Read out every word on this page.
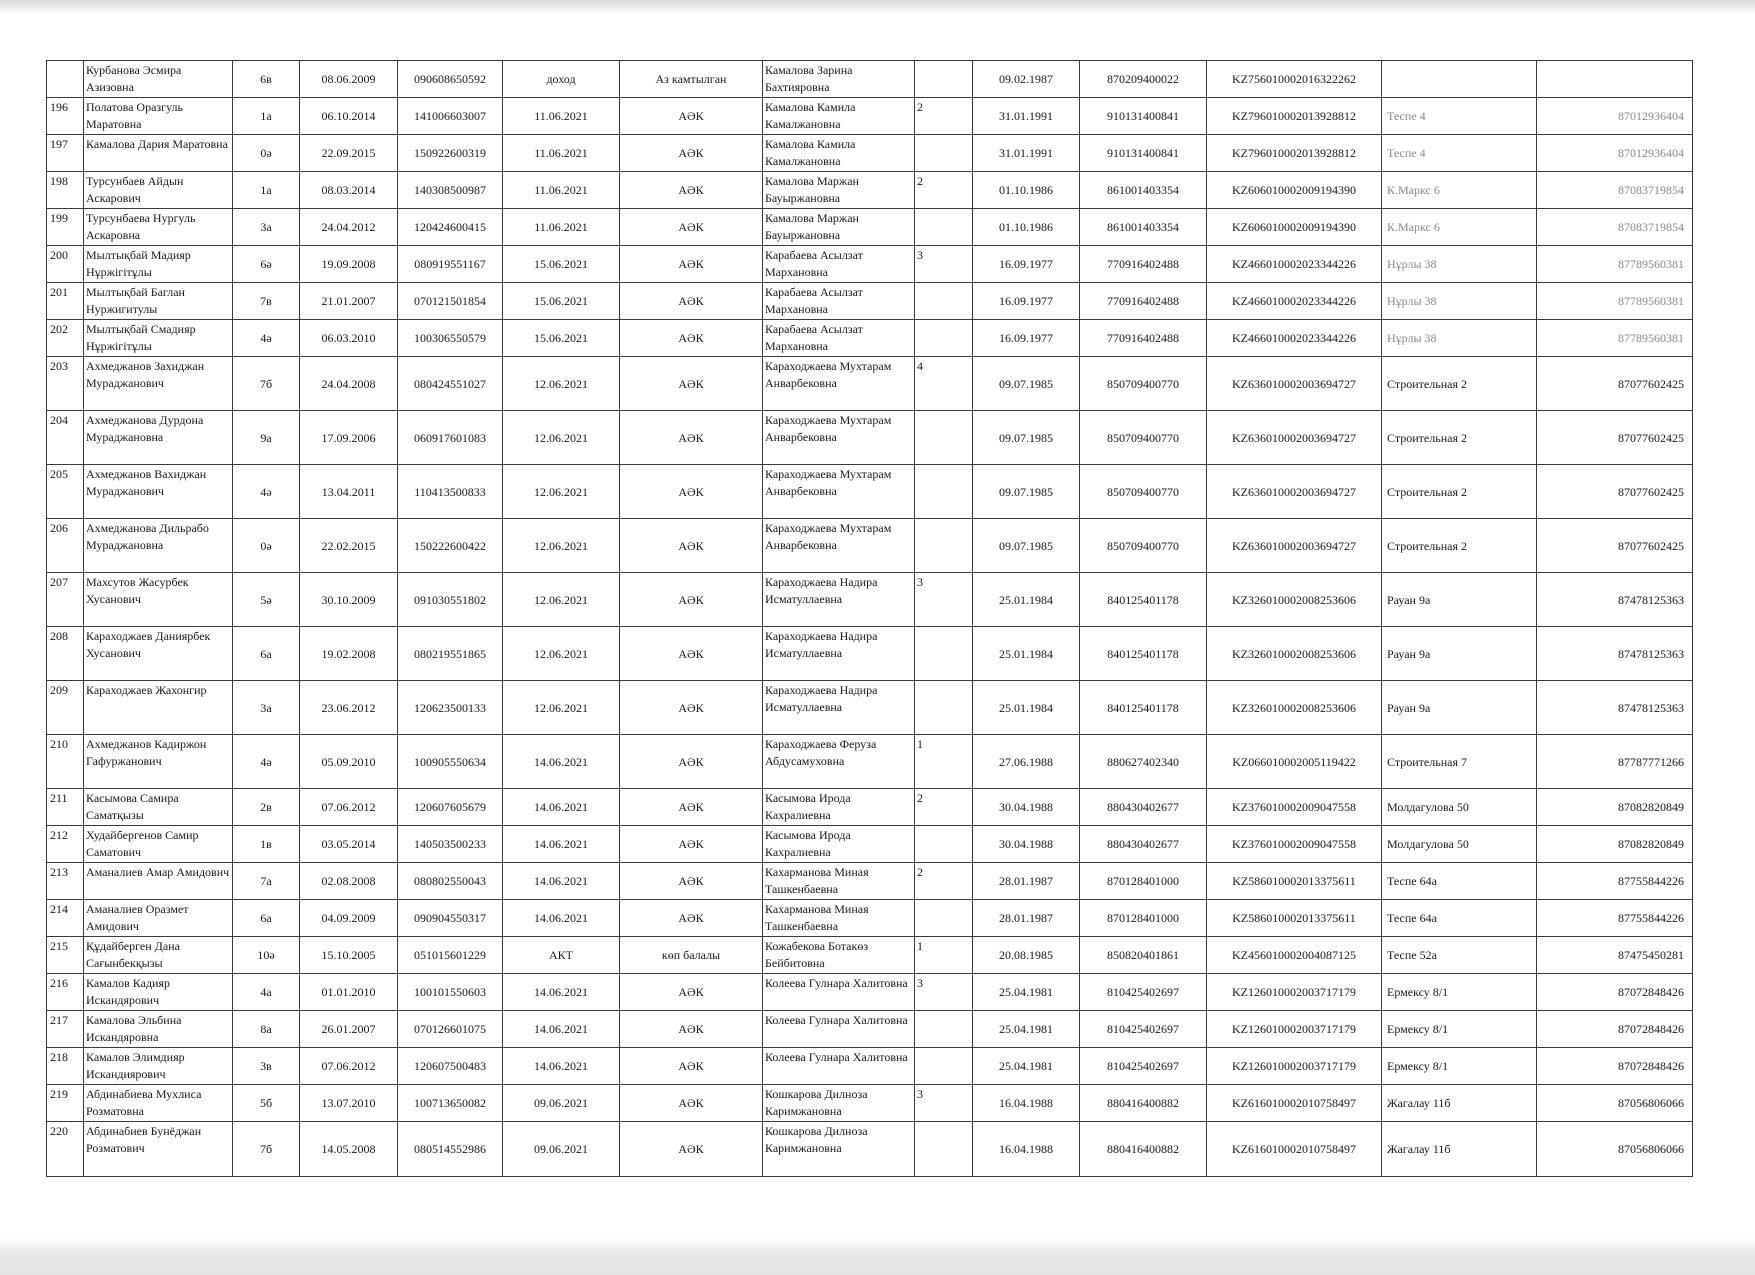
	Курбанова Эсмира Азизовна	6в	08.06.2009	090608650592	доход	Аз камтылган	Камалова Зарина Бахтияровна		09.02.1987	870209400022	KZ756010002016322262		
196	Полатова Оразгуль Маратовна	1а	06.10.2014	141006603007	11.06.2021	АӘК	Камалова Камила Камалжановна	2	31.01.1991	910131400841	KZ796010002013928812	Теспе 4	87012936404
197	Камалова Дария Маратовна	0ә	22.09.2015	150922600319	11.06.2021	АӘК	Камалова Камила Камалжановна		31.01.1991	910131400841	KZ796010002013928812	Теспе 4	87012936404
198	Турсунбаев Айдын Аскарович	1а	08.03.2014	140308500987	11.06.2021	АӘК	Камалова Маржан Бауыржановна	2	01.10.1986	861001403354	KZ606010002009194390	К.Маркс 6	87083719854
199	Турсунбаева Нургуль Аскаровна	3а	24.04.2012	120424600415	11.06.2021	АӘК	Камалова Маржан Бауыржановна		01.10.1986	861001403354	KZ606010002009194390	К.Маркс 6	87083719854
200	Мылтықбай Мадияр Нұржігітұлы	6ә	19.09.2008	080919551167	15.06.2021	АӘК	Карабаева Асылзат Мархановна	3	16.09.1977	770916402488	KZ466010002023344226	Нұрлы 38	87789560381
201	Мылтықбай Баглан Нуржигитулы	7в	21.01.2007	070121501854	15.06.2021	АӘК	Карабаева Асылзат Мархановна		16.09.1977	770916402488	KZ466010002023344226	Нұрлы 38	87789560381
202	Мылтықбай Смадияр Нұржігітұлы	4ә	06.03.2010	100306550579	15.06.2021	АӘК	Карабаева Асылзат Мархановна		16.09.1977	770916402488	KZ466010002023344226	Нұрлы 38	87789560381
203	Ахмеджанов Захиджан Мураджанович	7б	24.04.2008	080424551027	12.06.2021	АӘК	Караходжаева Мухтарам Анварбековна	4	09.07.1985	850709400770	KZ636010002003694727	Строительная 2	87077602425
204	Ахмеджанова Дурдона Мураджановна	9а	17.09.2006	060917601083	12.06.2021	АӘК	Караходжаева Мухтарам Анварбековна		09.07.1985	850709400770	KZ636010002003694727	Строительная 2	87077602425
205	Ахмеджанов Вахиджан Мураджанович	4ә	13.04.2011	110413500833	12.06.2021	АӘК	Караходжаева Мухтарам Анварбековна		09.07.1985	850709400770	KZ636010002003694727	Строительная 2	87077602425
206	Ахмеджанова Дильрабо Мураджановна	0ә	22.02.2015	150222600422	12.06.2021	АӘК	Караходжаева Мухтарам Анварбековна		09.07.1985	850709400770	KZ636010002003694727	Строительная 2	87077602425
207	Махсутов Жасурбек Хусанович	5ә	30.10.2009	091030551802	12.06.2021	АӘК	Караходжаева Надира Исматуллаевна	3	25.01.1984	840125401178	KZ326010002008253606	Рауан 9а	87478125363
208	Караходжаев Даниярбек Хусанович	6а	19.02.2008	080219551865	12.06.2021	АӘК	Караходжаева Надира Исматуллаевна		25.01.1984	840125401178	KZ326010002008253606	Рауан 9а	87478125363
209	Караходжаев Жахонгир	3а	23.06.2012	120623500133	12.06.2021	АӘК	Караходжаева Надира Исматуллаевна		25.01.1984	840125401178	KZ326010002008253606	Рауан 9а	87478125363
210	Ахмеджанов Кадиржон Гафуржанович	4ә	05.09.2010	100905550634	14.06.2021	АӘК	Караходжаева Феруза Абдусамуховна	1	27.06.1988	880627402340	KZ066010002005119422	Строительная 7	87787771266
211	Касымова Самира Саматқызы	2в	07.06.2012	120607605679	14.06.2021	АӘК	Касымова Ирода Кахралиевна	2	30.04.1988	880430402677	KZ376010002009047558	Молдагулова 50	87082820849
212	Худайбергенов Самир Саматович	1в	03.05.2014	140503500233	14.06.2021	АӘК	Касымова Ирода Кахралиевна		30.04.1988	880430402677	KZ376010002009047558	Молдагулова 50	87082820849
213	Аманалиев Амар Амидович	7а	02.08.2008	080802550043	14.06.2021	АӘК	Кахарманова Миная Ташкенбаевна	2	28.01.1987	870128401000	KZ586010002013375611	Теспе 64а	87755844226
214	Аманалиев Оразмет Амидович	6а	04.09.2009	090904550317	14.06.2021	АӘК	Кахарманова Миная Ташкенбаевна		28.01.1987	870128401000	KZ586010002013375611	Теспе 64а	87755844226
215	Құдайберген Дана Сағынбекқызы	10ә	15.10.2005	051015601229	АКТ	көп балалы	Кожабекова Ботакөз Бейбитовна	1	20.08.1985	850820401861	KZ456010002004087125	Теспе 52а	87475450281
216	Камалов Кадияр Искандярович	4а	01.01.2010	100101550603	14.06.2021	АӘК	Колеева Гулнара Халитовна	3	25.04.1981	810425402697	KZ126010002003717179	Ермексу 8/1	87072848426
217	Камалова Эльбина Искандяровна	8а	26.01.2007	070126601075	14.06.2021	АӘК	Колеева Гулнара Халитовна		25.04.1981	810425402697	KZ126010002003717179	Ермексу 8/1	87072848426
218	Камалов Элимдияр Искандиярович	3в	07.06.2012	120607500483	14.06.2021	АӘК	Колеева Гулнара Халитовна		25.04.1981	810425402697	KZ126010002003717179	Ермексу 8/1	87072848426
219	Абдинабиева Мухлиса Розматовна	5б	13.07.2010	100713650082	09.06.2021	АӘК	Кошкарова Дилноза Каримжановна	3	16.04.1988	880416400882	KZ616010002010758497	Жагалау 11б	87056806066
220	Абдинабиев Бунёджан Розматович	7б	14.05.2008	080514552986	09.06.2021	АӘК	Кошкарова Дилноза Каримжановна		16.04.1988	880416400882	KZ616010002010758497	Жагалау 11б	87056806066
